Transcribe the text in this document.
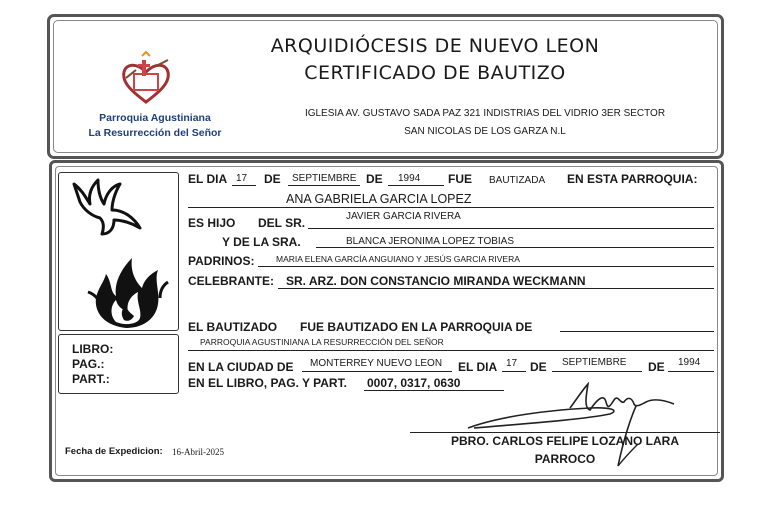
Parroquia Agustiniana
La Resurrección del Señor
ARQUIDIÓCESIS DE NUEVO LEON
CERTIFICADO DE BAUTIZO
IGLESIA AV. GUSTAVO SADA PAZ 321 INDISTRIAS DEL VIDRIO 3ER SECTOR
SAN NICOLAS DE LOS GARZA N.L
LIBRO:
PAG.:
PART.:
EL DIA 17 DE SEPTIEMBRE DE 1994 FUE BAUTIZADA EN ESTA PARROQUIA:
ANA GABRIELA GARCIA LOPEZ
ES HIJO DEL SR.	JAVIER GARCIA RIVERA
Y DE LA SRA.	BLANCA JERONIMA LOPEZ TOBIAS
PADRINOS:	MARIA ELENA GARCÍA ANGUIANO Y JESÚS GARCIA RIVERA
CELEBRANTE: SR. ARZ. DON CONSTANCIO MIRANDA WECKMANN
EL BAUTIZADO FUE BAUTIZADO EN LA PARROQUIA DE
PARROQUIA AGUSTINIANA LA RESURRECCIÓN DEL SEÑOR
EN LA CIUDAD DE MONTERREY NUEVO LEON EL DIA 17 DE SEPTIEMBRE DE 1994
EN EL LIBRO, PAG. Y PART. 0007, 0317, 0630
PBRO. CARLOS FELIPE LOZANO LARA
PARROCO
Fecha de Expedicion: 16-Abril-2025
